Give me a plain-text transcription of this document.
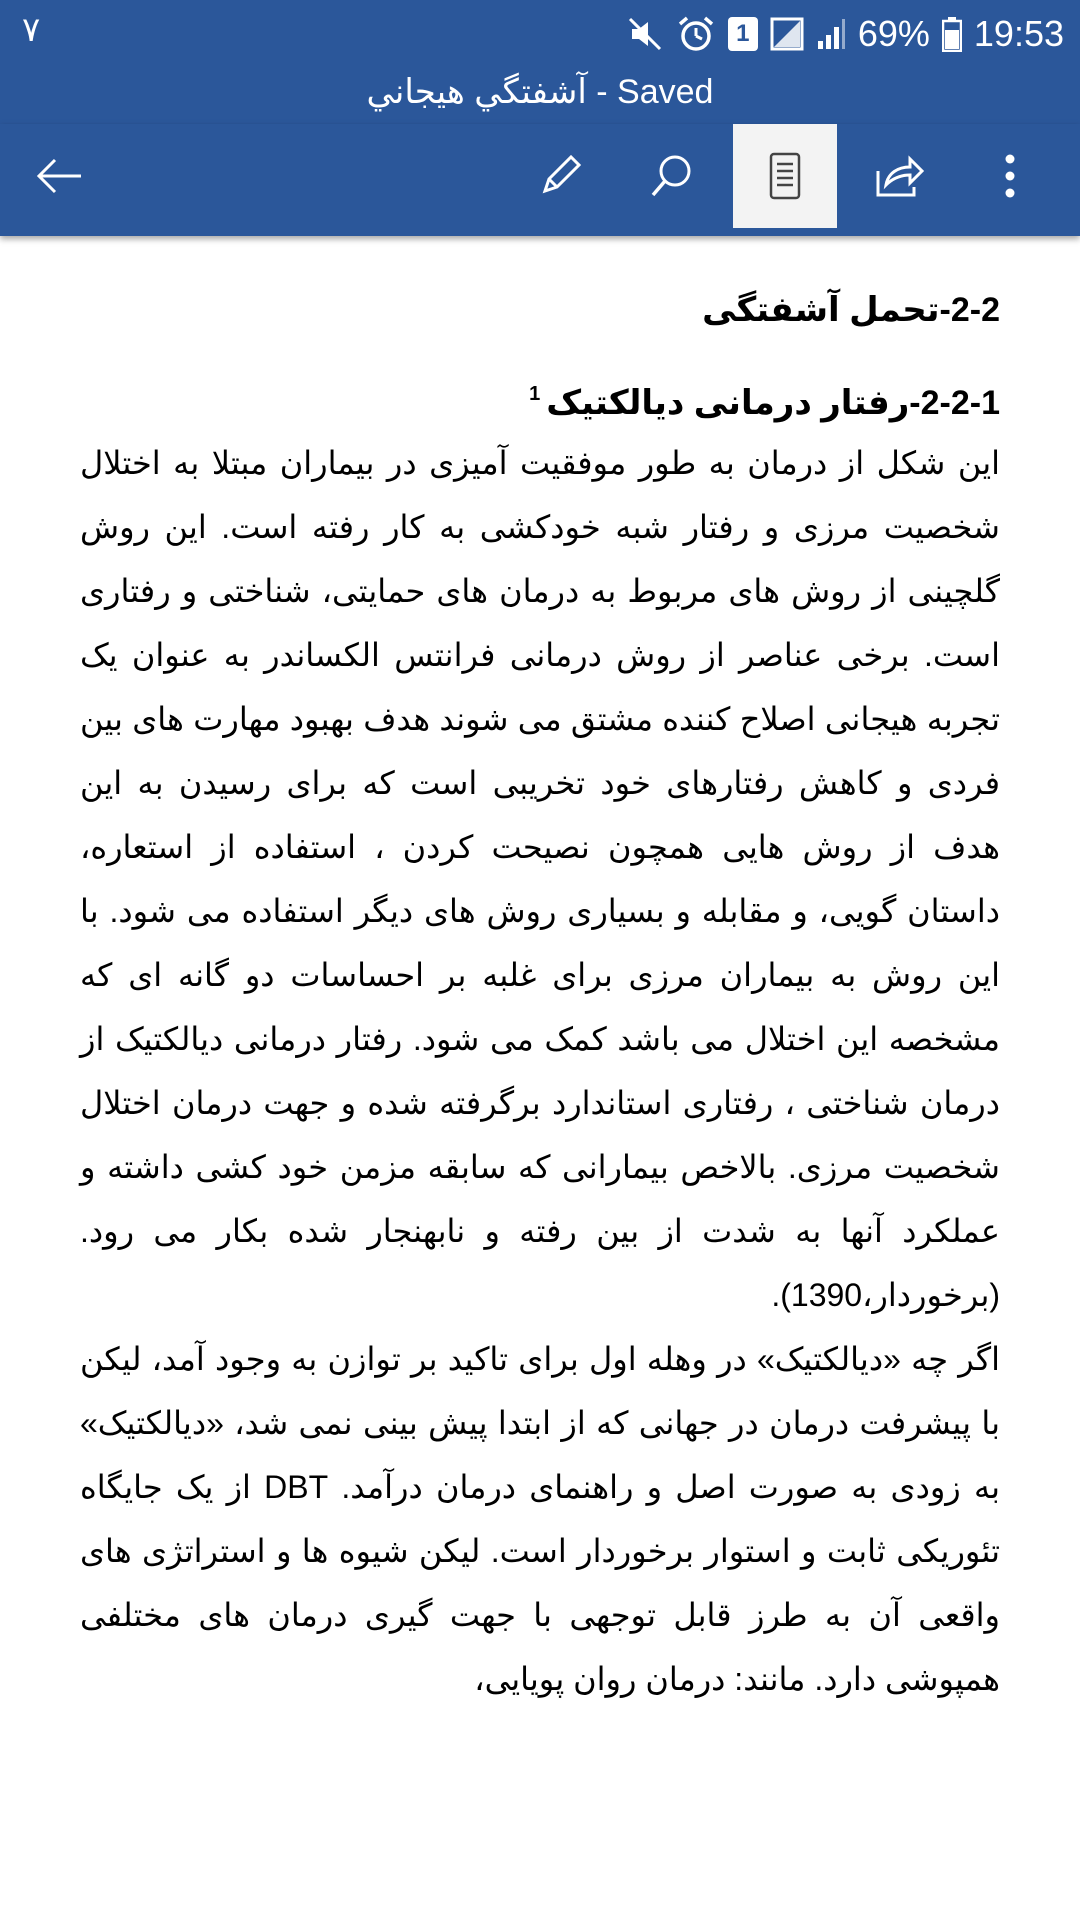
۷	1	69% 19:53
آشفتگي هيجاني - Saved

2-2-تحمل آشفتگی

2-2-1-رفتار درمانی دیالکتیک$^1$

این شکل از درمان به طور موفقیت آمیزی در بیماران مبتلا به اختلال شخصیت مرزی و رفتار شبه خودکشی به کار رفته است. این روش گلچینی از روش های مربوط به درمان های حمایتی، شناختی و رفتاری است. برخی عناصر از روش درمانی فرانتس الکساندر به عنوان یک تجربه هیجانی اصلاح کننده مشتق می شوند هدف بهبود مهارت های بین فردی و کاهش رفتارهای خود تخریبی است که برای رسیدن به این هدف از روش هایی همچون نصیحت کردن ، استفاده از استعاره، داستان گویی، و مقابله و بسیاری روش های دیگر استفاده می شود. با این روش به بیماران مرزی برای غلبه بر احساسات دو گانه ای که مشخصه این اختلال می باشد کمک می شود. رفتار درمانی دیالکتیک از درمان شناختی ، رفتاری استاندارد برگرفته شده و جهت درمان اختلال شخصیت مرزی. بالاخص بیمارانی که سابقه مزمن خود کشی داشته و عملکرد آنها به شدت از بین رفته و نابهنجار شده بکار می رود. (برخوردار،1390).

اگر چه «دیالکتیک» در وهله اول برای تاکید بر توازن به وجود آمد، لیکن با پیشرفت درمان در جهانی که از ابتدا پیش بینی نمی شد، «دیالکتیک» به زودی به صورت اصل و راهنمای درمان درآمد. DBT از یک جایگاه تئوریکی ثابت و استوار برخوردار است. لیکن شیوه ها و استراتژی های واقعی آن به طرز قابل توجهی با جهت گیری درمان های مختلفی همپوشی دارد. مانند: درمان روان پویایی،
